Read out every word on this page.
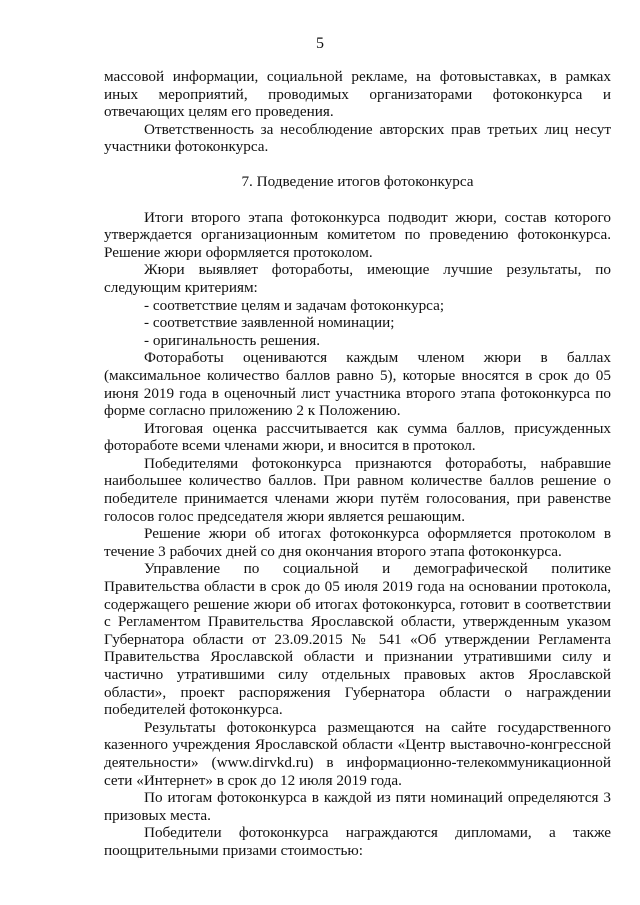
5

массовой информации, социальной рекламе, на фотовыставках, в рамках иных мероприятий, проводимых организаторами фотоконкурса и отвечающих целям его проведения.

Ответственность за несоблюдение авторских прав третьих лиц несут участники фотоконкурса.

7. Подведение итогов фотоконкурса

Итоги второго этапа фотоконкурса подводит жюри, состав которого утверждается организационным комитетом по проведению фотоконкурса. Решение жюри оформляется протоколом.

Жюри выявляет фотоработы, имеющие лучшие результаты, по следующим критериям:

- соответствие целям и задачам фотоконкурса;

- соответствие заявленной номинации;

- оригинальность решения.

Фотоработы оцениваются каждым членом жюри в баллах (максимальное количество баллов равно 5), которые вносятся в срок до 05 июня 2019 года в оценочный лист участника второго этапа фотоконкурса по форме согласно приложению 2 к Положению.

Итоговая оценка рассчитывается как сумма баллов, присужденных фотоработе всеми членами жюри, и вносится в протокол.

Победителями фотоконкурса признаются фотоработы, набравшие наибольшее количество баллов. При равном количестве баллов решение о победителе принимается членами жюри путём голосования, при равенстве голосов голос председателя жюри является решающим.

Решение жюри об итогах фотоконкурса оформляется протоколом в течение 3 рабочих дней со дня окончания второго этапа фотоконкурса.

Управление по социальной и демографической политике Правительства области в срок до 05 июля 2019 года на основании протокола, содержащего решение жюри об итогах фотоконкурса, готовит в соответствии с Регламентом Правительства Ярославской области, утвержденным указом Губернатора области от 23.09.2015 № 541 «Об утверждении Регламента Правительства Ярославской области и признании утратившими силу и частично утратившими силу отдельных правовых актов Ярославской области», проект распоряжения Губернатора области о награждении победителей фотоконкурса.

Результаты фотоконкурса размещаются на сайте государственного казенного учреждения Ярославской области «Центр выставочно-конгрессной деятельности» (www.dirvkd.ru) в информационно-телекоммуникационной сети «Интернет» в срок до 12 июля 2019 года.

По итогам фотоконкурса в каждой из пяти номинаций определяются 3 призовых места.

Победители фотоконкурса награждаются дипломами, а также поощрительными призами стоимостью:
